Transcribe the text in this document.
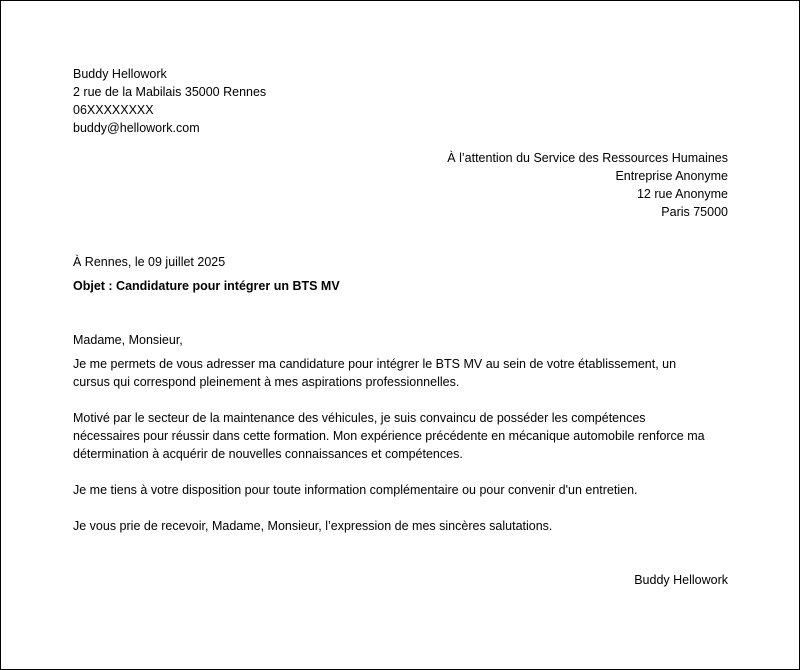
Buddy Hellowork
2 rue de la Mabilais 35000 Rennes
06XXXXXXXX
buddy@hellowork.com
À l’attention du Service des Ressources Humaines
Entreprise Anonyme
12 rue Anonyme
Paris 75000
À Rennes, le 09 juillet 2025
Objet : Candidature pour intégrer un BTS MV
Madame, Monsieur,
Je me permets de vous adresser ma candidature pour intégrer le BTS MV au sein de votre établissement, un
cursus qui correspond pleinement à mes aspirations professionnelles.
Motivé par le secteur de la maintenance des véhicules, je suis convaincu de posséder les compétences
nécessaires pour réussir dans cette formation. Mon expérience précédente en mécanique automobile renforce ma
détermination à acquérir de nouvelles connaissances et compétences.
Je me tiens à votre disposition pour toute information complémentaire ou pour convenir d'un entretien.
Je vous prie de recevoir, Madame, Monsieur, l’expression de mes sincères salutations.
Buddy Hellowork
